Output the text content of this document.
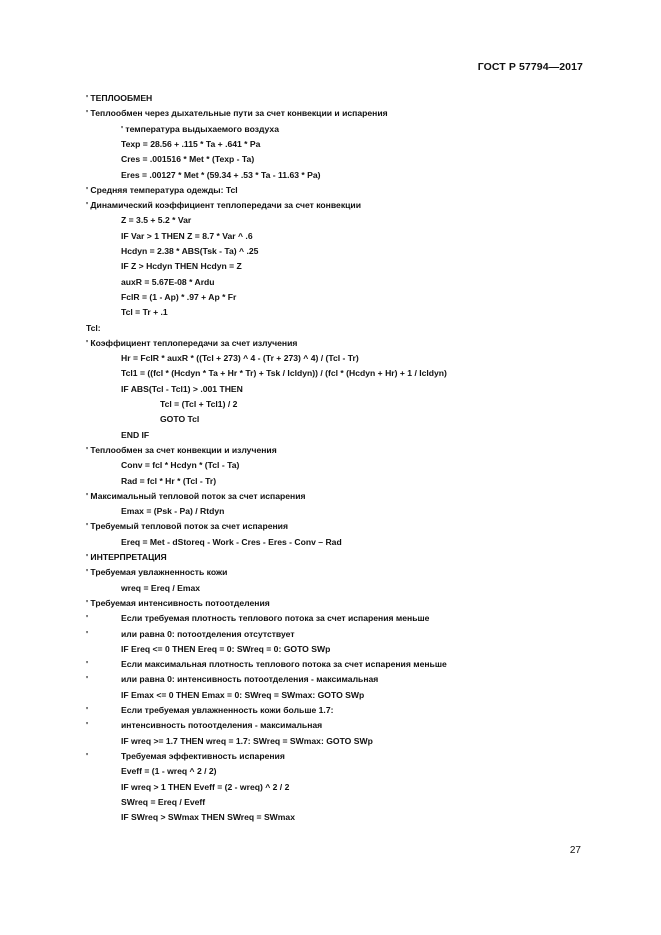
ГОСТ Р 57794—2017
' ТЕПЛООБМЕН
' Теплообмен через дыхательные пути за счет конвекции и испарения
' температура выдыхаемого воздуха
Texp = 28.56 + .115 * Ta + .641 * Pa
Cres = .001516 * Met * (Texp - Ta)
Eres = .00127 * Met * (59.34 + .53 * Ta - 11.63 * Pa)
' Средняя температура одежды: Tcl
' Динамический коэффициент теплопередачи за счет конвекции
Z = 3.5 + 5.2 * Var
IF Var > 1 THEN Z = 8.7 * Var ^ .6
Hcdyn = 2.38 * ABS(Tsk - Ta) ^ .25
IF Z > Hcdyn THEN Hcdyn = Z
auxR = 5.67E-08 * Ardu
FclR = (1 - Ap) * .97 + Ap * Fr
Tcl = Tr + .1
Tcl:
' Коэффициент теплопередачи за счет излучения
Hr = FclR * auxR * ((Tcl + 273) ^ 4 - (Tr + 273) ^ 4) / (Tcl - Tr)
Tcl1 = ((fcl * (Hcdyn * Ta + Hr * Tr) + Tsk / Icldyn)) / (fcl * (Hcdyn + Hr) + 1 / Icldyn)
IF ABS(Tcl - Tcl1) > .001 THEN
Tcl = (Tcl + Tcl1) / 2
GOTO Tcl
END IF
' Теплообмен за счет конвекции и излучения
Conv = fcl * Hcdyn * (Tcl - Ta)
Rad = fcl * Hr * (Tcl - Tr)
' Максимальный тепловой поток за счет испарения
Emax = (Psk - Pa) / Rtdyn
' Требуемый тепловой поток за счет испарения
Ereq = Met - dStoreq - Work - Cres - Eres - Conv – Rad
' ИНТЕРПРЕТАЦИЯ
' Требуемая увлажненность кожи
wreq = Ereq / Emax
' Требуемая интенсивность потоотделения
'	Если требуемая плотность теплового потока за счет испарения меньше
'	или равна 0: потоотделения отсутствует
IF Ereq <= 0 THEN Ereq = 0: SWreq = 0: GOTO SWp
'	Если максимальная плотность теплового потока за счет испарения меньше
'	или равна 0: интенсивность потоотделения - максимальная
IF Emax <= 0 THEN Emax = 0: SWreq = SWmax: GOTO SWp
'	Если требуемая увлажненность кожи больше 1.7:
'	интенсивность потоотделения - максимальная
IF wreq >= 1.7 THEN wreq = 1.7: SWreq = SWmax: GOTO SWp
'	Требуемая эффективность испарения
Eveff = (1 - wreq ^ 2 / 2)
IF wreq > 1 THEN Eveff = (2 - wreq) ^ 2 / 2
SWreq = Ereq / Eveff
IF SWreq > SWmax THEN SWreq = SWmax
27
